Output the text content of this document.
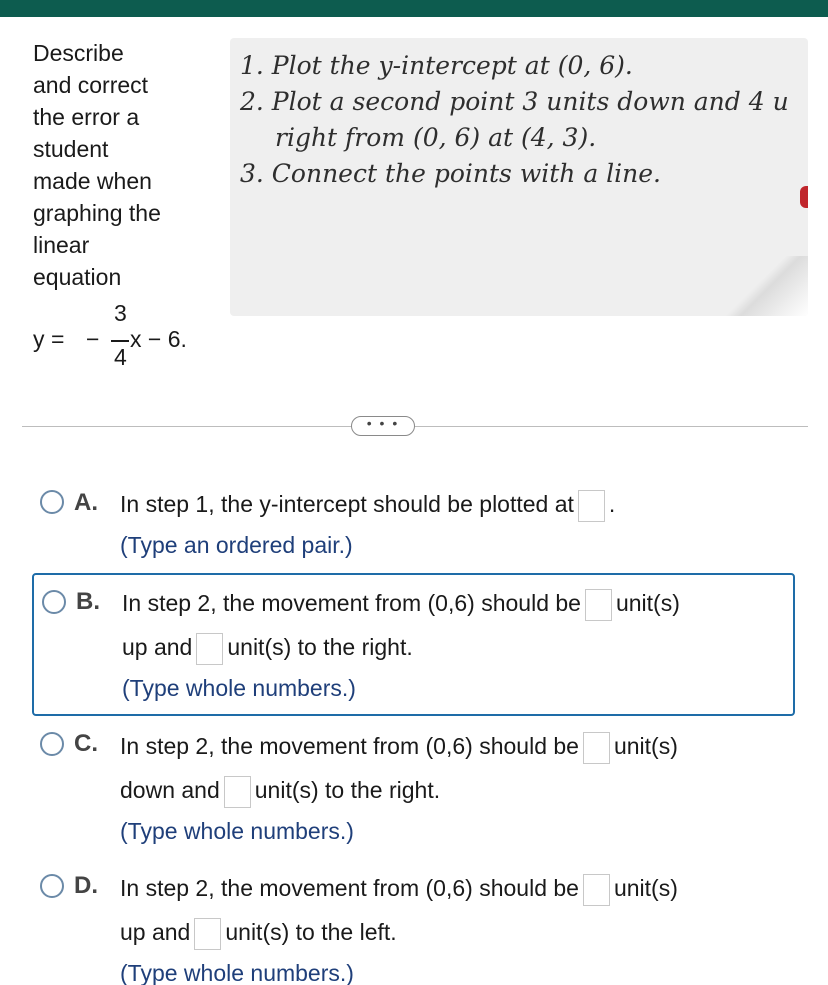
Describe
and correct
the error a
student
made when
graphing the
linear
equation
y = −
3
4
x − 6.
1. Plot the y-intercept at (0, 6).
2. Plot a second point 3 units down and 4 u
right from (0, 6) at (4, 3).
3. Connect the points with a line.
• • •
A. In step 1, the y-intercept should be plotted at .
(Type an ordered pair.)
B. In step 2, the movement from (0,6) should be unit(s)
up and unit(s) to the right.
(Type whole numbers.)
C. In step 2, the movement from (0,6) should be unit(s)
down and unit(s) to the right.
(Type whole numbers.)
D. In step 2, the movement from (0,6) should be unit(s)
up and unit(s) to the left.
(Type whole numbers.)
